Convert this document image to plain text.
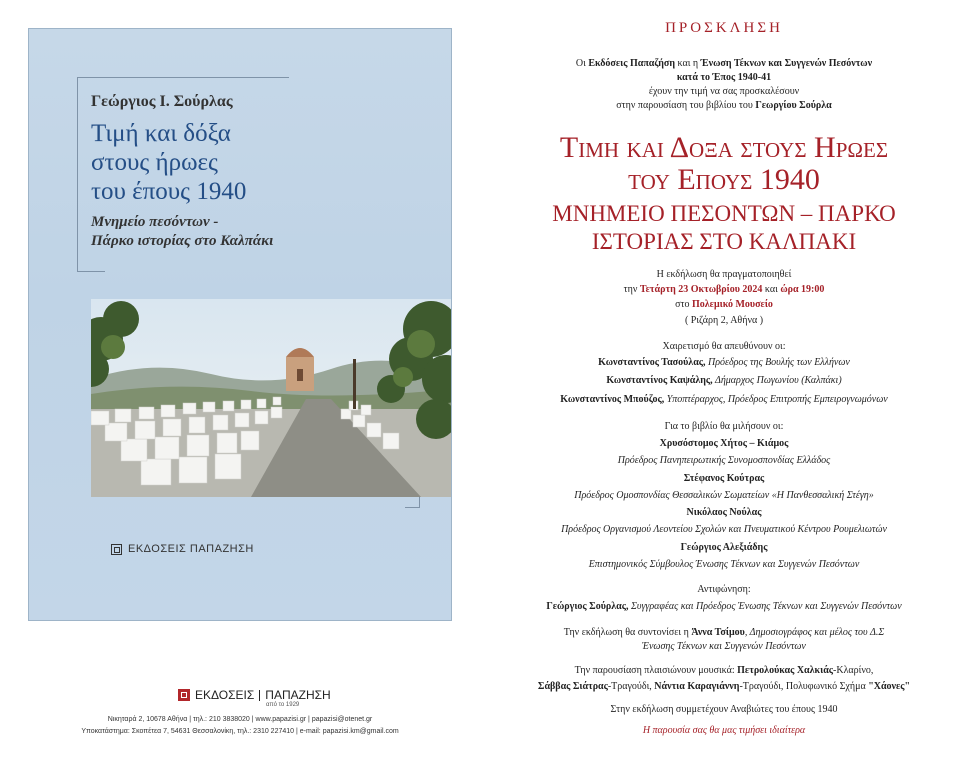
Γεώργιος Ι. Σούρλας
Τιμή και δόξα
στους ήρωες
του έπους 1940
Μνημείο πεσόντων -
Πάρκο ιστορίας στο Καλπάκι
ΕΚΔΟΣΕΙΣ ΠΑΠΑΖΗΣΗ
ΕΚΔΟΣΕΙΣ ΠΑΠΑΖΗΣΗ
από το 1929
Νικηταρά 2, 10678 Αθήνα | τηλ.: 210 3838020 | www.papazisi.gr | papazisi@otenet.gr
Υποκατάστημα: Σκοπέτεα 7, 54631 Θεσσαλονίκη, τηλ.: 2310 227410 | e-mail: papazisi.km@gmail.com
ΠΡΟΣΚΛΗΣΗ
Οι Εκδόσεις Παπαζήση και η Ένωση Τέκνων και Συγγενών Πεσόντων
κατά το Έπος 1940-41
έχουν την τιμή να σας προσκαλέσουν
στην παρουσίαση του βιβλίου του Γεωργίου Σούρλα
Τιμη και Δοξα στους Ηρωες
του Επους 1940
ΜΝΗΜΕΙΟ ΠΕΣΟΝΤΩΝ – ΠΑΡΚΟ
ΙΣΤΟΡΙΑΣ ΣΤΟ ΚΑΛΠΑΚΙ
Η εκδήλωση θα πραγματοποιηθεί
την Τετάρτη 23 Οκτωβρίου 2024 και ώρα 19:00
στο Πολεμικό Μουσείο
( Ριζάρη 2, Αθήνα )
Χαιρετισμό θα απευθύνουν οι:
Κωνσταντίνος Τασούλας, Πρόεδρος της Βουλής των Ελλήνων
Κωνσταντίνος Καψάλης, Δήμαρχος Πωγωνίου (Καλπάκι)
Κωνσταντίνος Μπούζος, Υποπτέραρχος, Πρόεδρος Επιτροπής Εμπειρογνωμόνων
Για το βιβλίο θα μιλήσουν οι:
Χρυσόστομος Χήτος – Κιάμος
Πρόεδρος Πανηπειρωτικής Συνομοσπονδίας Ελλάδος
Στέφανος Κούτρας
Πρόεδρος Ομοσπονδίας Θεσσαλικών Σωματείων «Η Πανθεσσαλική Στέγη»
Νικόλαος Νούλας
Πρόεδρος Οργανισμού Λεοντείου Σχολών και Πνευματικού Κέντρου Ρουμελιωτών
Γεώργιος Αλεξιάδης
Επιστημονικός Σύμβουλος Ένωσης Τέκνων και Συγγενών Πεσόντων
Αντιφώνηση:
Γεώργιος Σούρλας, Συγγραφέας και Πρόεδρος Ένωσης Τέκνων και Συγγενών Πεσόντων
Την εκδήλωση θα συντονίσει η Άννα Τσίμου, Δημοσιογράφος και μέλος του Δ.Σ
Ένωσης Τέκνων και Συγγενών Πεσόντων
Την παρουσίαση πλαισιώνουν μουσικά: Πετρολούκας Χαλκιάς-Κλαρίνο,
Σάββας Σιάτρας-Τραγούδι, Νάντια Καραγιάννη-Τραγούδι, Πολυφωνικό Σχήμα "Χάονες"
Στην εκδήλωση συμμετέχουν Αναβιώτες του έπους 1940
Η παρουσία σας θα μας τιμήσει ιδιαίτερα
